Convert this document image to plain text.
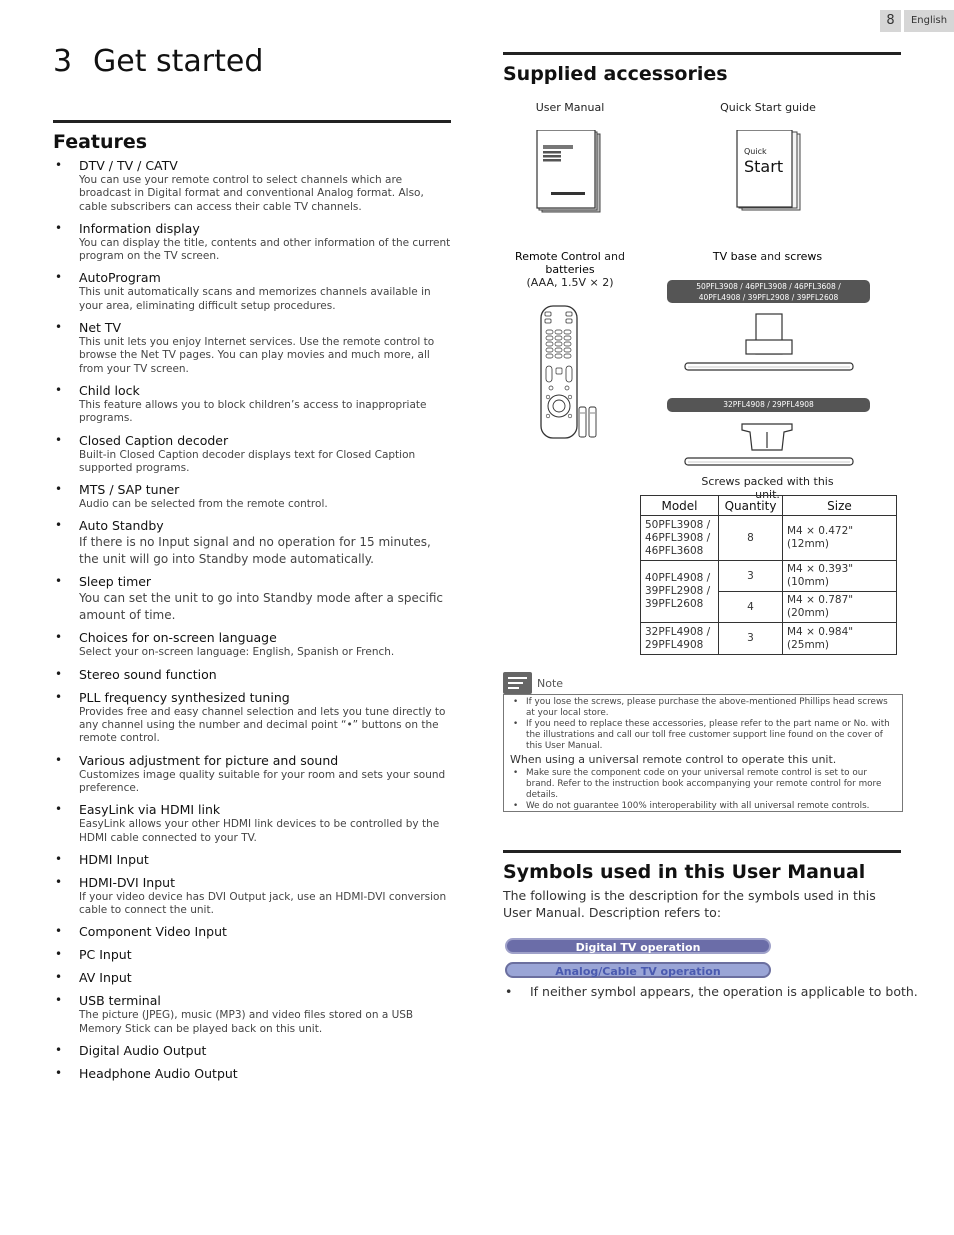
8	English
3 Get started
Features
• DTV / TV / CATV
You can use your remote control to select channels which are broadcast in Digital format and conventional Analog format. Also, cable subscribers can access their cable TV channels.
• Information display
You can display the title, contents and other information of the current program on the TV screen.
• AutoProgram
This unit automatically scans and memorizes channels available in your area, eliminating difficult setup procedures.
• Net TV
This unit lets you enjoy Internet services. Use the remote control to browse the Net TV pages. You can play movies and much more, all from your TV screen.
• Child lock
This feature allows you to block children’s access to inappropriate programs.
• Closed Caption decoder
Built-in Closed Caption decoder displays text for Closed Caption supported programs.
• MTS / SAP tuner
Audio can be selected from the remote control.
• Auto Standby
If there is no Input signal and no operation for 15 minutes, the unit will go into Standby mode automatically.
• Sleep timer
You can set the unit to go into Standby mode after a specific amount of time.
• Choices for on-screen language
Select your on-screen language: English, Spanish or French.
• Stereo sound function
• PLL frequency synthesized tuning
Provides free and easy channel selection and lets you tune directly to any channel using the number and decimal point “•” buttons on the remote control.
• Various adjustment for picture and sound
Customizes image quality suitable for your room and sets your sound preference.
• EasyLink via HDMI link
EasyLink allows your other HDMI link devices to be controlled by the HDMI cable connected to your TV.
• HDMI Input
• HDMI-DVI Input
If your video device has DVI Output jack, use an HDMI-DVI conversion cable to connect the unit.
• Component Video Input
• PC Input
• AV Input
• USB terminal
The picture (JPEG), music (MP3) and video files stored on a USB Memory Stick can be played back on this unit.
• Digital Audio Output
• Headphone Audio Output
Supplied accessories
User Manual	Quick Start guide
Quick
Start
Remote Control and
batteries
(AAA, 1.5V × 2)
TV base and screws
50PFL3908 / 46PFL3908 / 46PFL3608 /
40PFL4908 / 39PFL2908 / 39PFL2608
32PFL4908 / 29PFL4908
Screws packed with this unit.
Model	Quantity	Size
50PFL3908 / 46PFL3908 / 46PFL3608	8	M4 × 0.472"(12mm)
40PFL4908 / 39PFL2908 / 39PFL2608	3	M4 × 0.393"(10mm)
	4	M4 × 0.787"(20mm)
32PFL4908 / 29PFL4908	3	M4 × 0.984"(25mm)
Note
• If you lose the screws, please purchase the above-mentioned Phillips head screws at your local store.
• If you need to replace these accessories, please refer to the part name or No. with the illustrations and call our toll free customer support line found on the cover of this User Manual.
When using a universal remote control to operate this unit.
• Make sure the component code on your universal remote control is set to our brand. Refer to the instruction book accompanying your remote control for more details.
• We do not guarantee 100% interoperability with all universal remote controls.
Symbols used in this User Manual
The following is the description for the symbols used in this User Manual. Description refers to:
Digital TV operation
Analog/Cable TV operation
• If neither symbol appears, the operation is applicable to both.
